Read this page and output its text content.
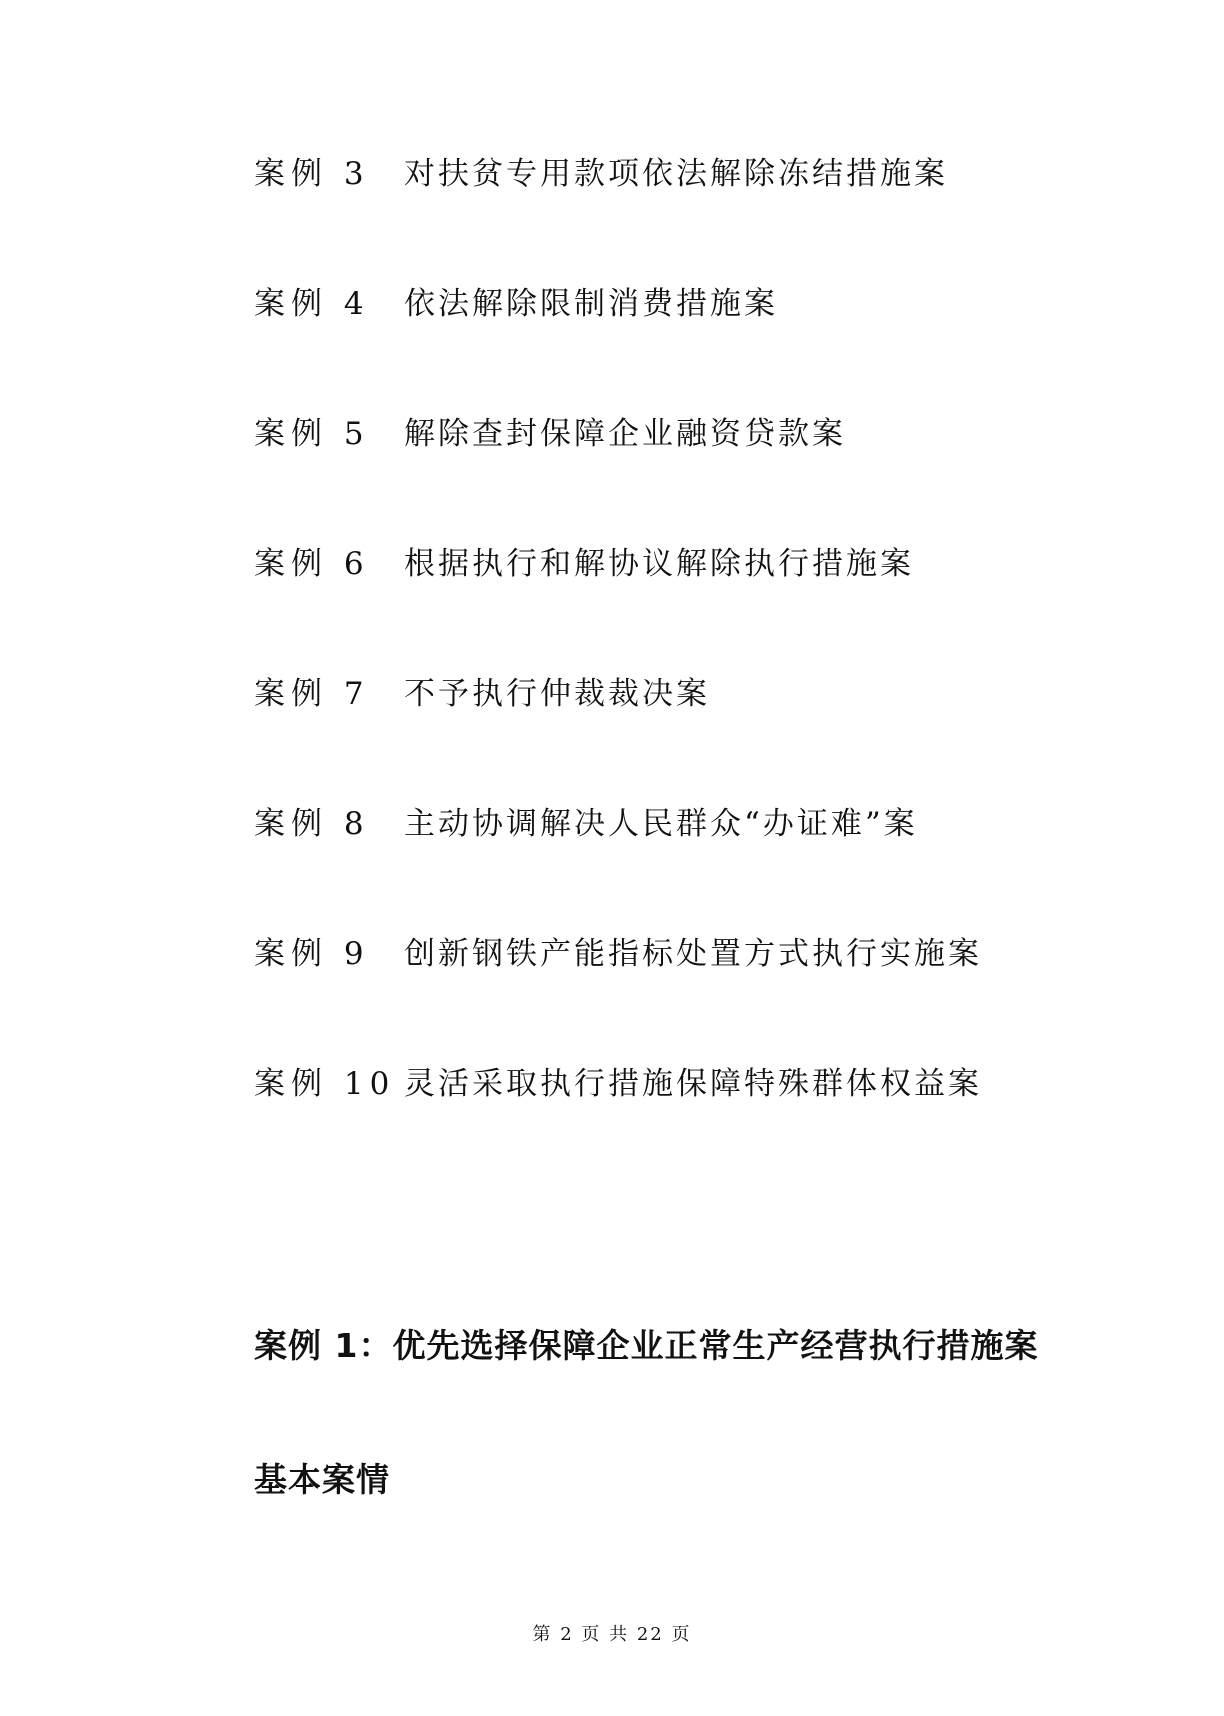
案例 3 对扶贫专用款项依法解除冻结措施案
案例 4 依法解除限制消费措施案
案例 5 解除查封保障企业融资贷款案
案例 6 根据执行和解协议解除执行措施案
案例 7 不予执行仲裁裁决案
案例 8 主动协调解决人民群众“办证难”案
案例 9 创新钢铁产能指标处置方式执行实施案
案例 10 灵活采取执行措施保障特殊群体权益案
案例 1：优先选择保障企业正常生产经营执行措施案
基本案情
第 2 页 共 22 页
